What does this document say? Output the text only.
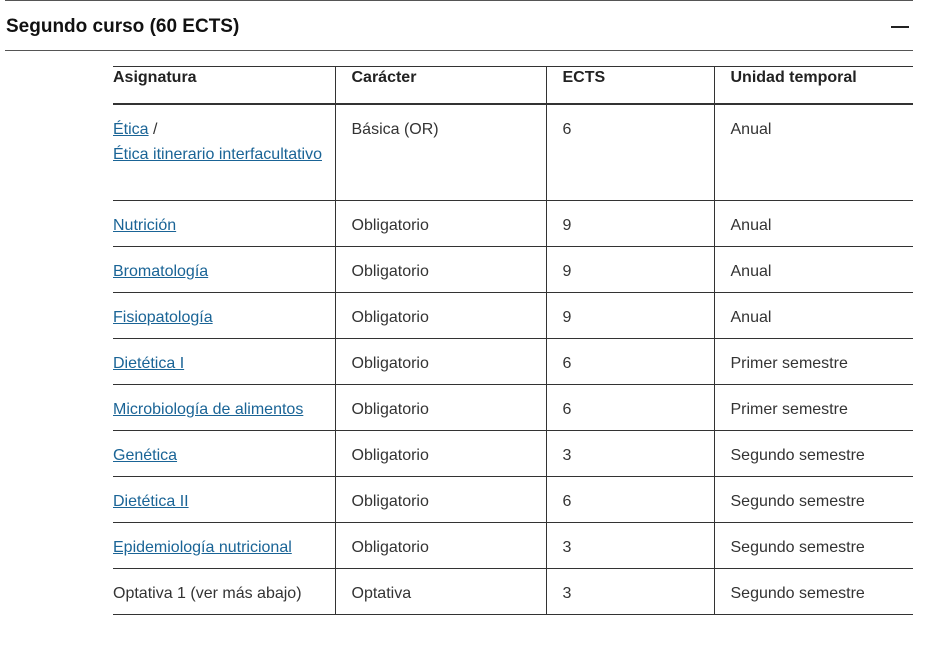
Segundo curso (60 ECTS)
Asignatura	Carácter	ECTS	Unidad temporal
Ética /
Ética itinerario interfacultativo	Básica (OR)	6	Anual
Nutrición	Obligatorio	9	Anual
Bromatología	Obligatorio	9	Anual
Fisiopatología	Obligatorio	9	Anual
Dietética I	Obligatorio	6	Primer semestre
Microbiología de alimentos	Obligatorio	6	Primer semestre
Genética	Obligatorio	3	Segundo semestre
Dietética II	Obligatorio	6	Segundo semestre
Epidemiología nutricional	Obligatorio	3	Segundo semestre
Optativa 1 (ver más abajo)	Optativa	3	Segundo semestre
